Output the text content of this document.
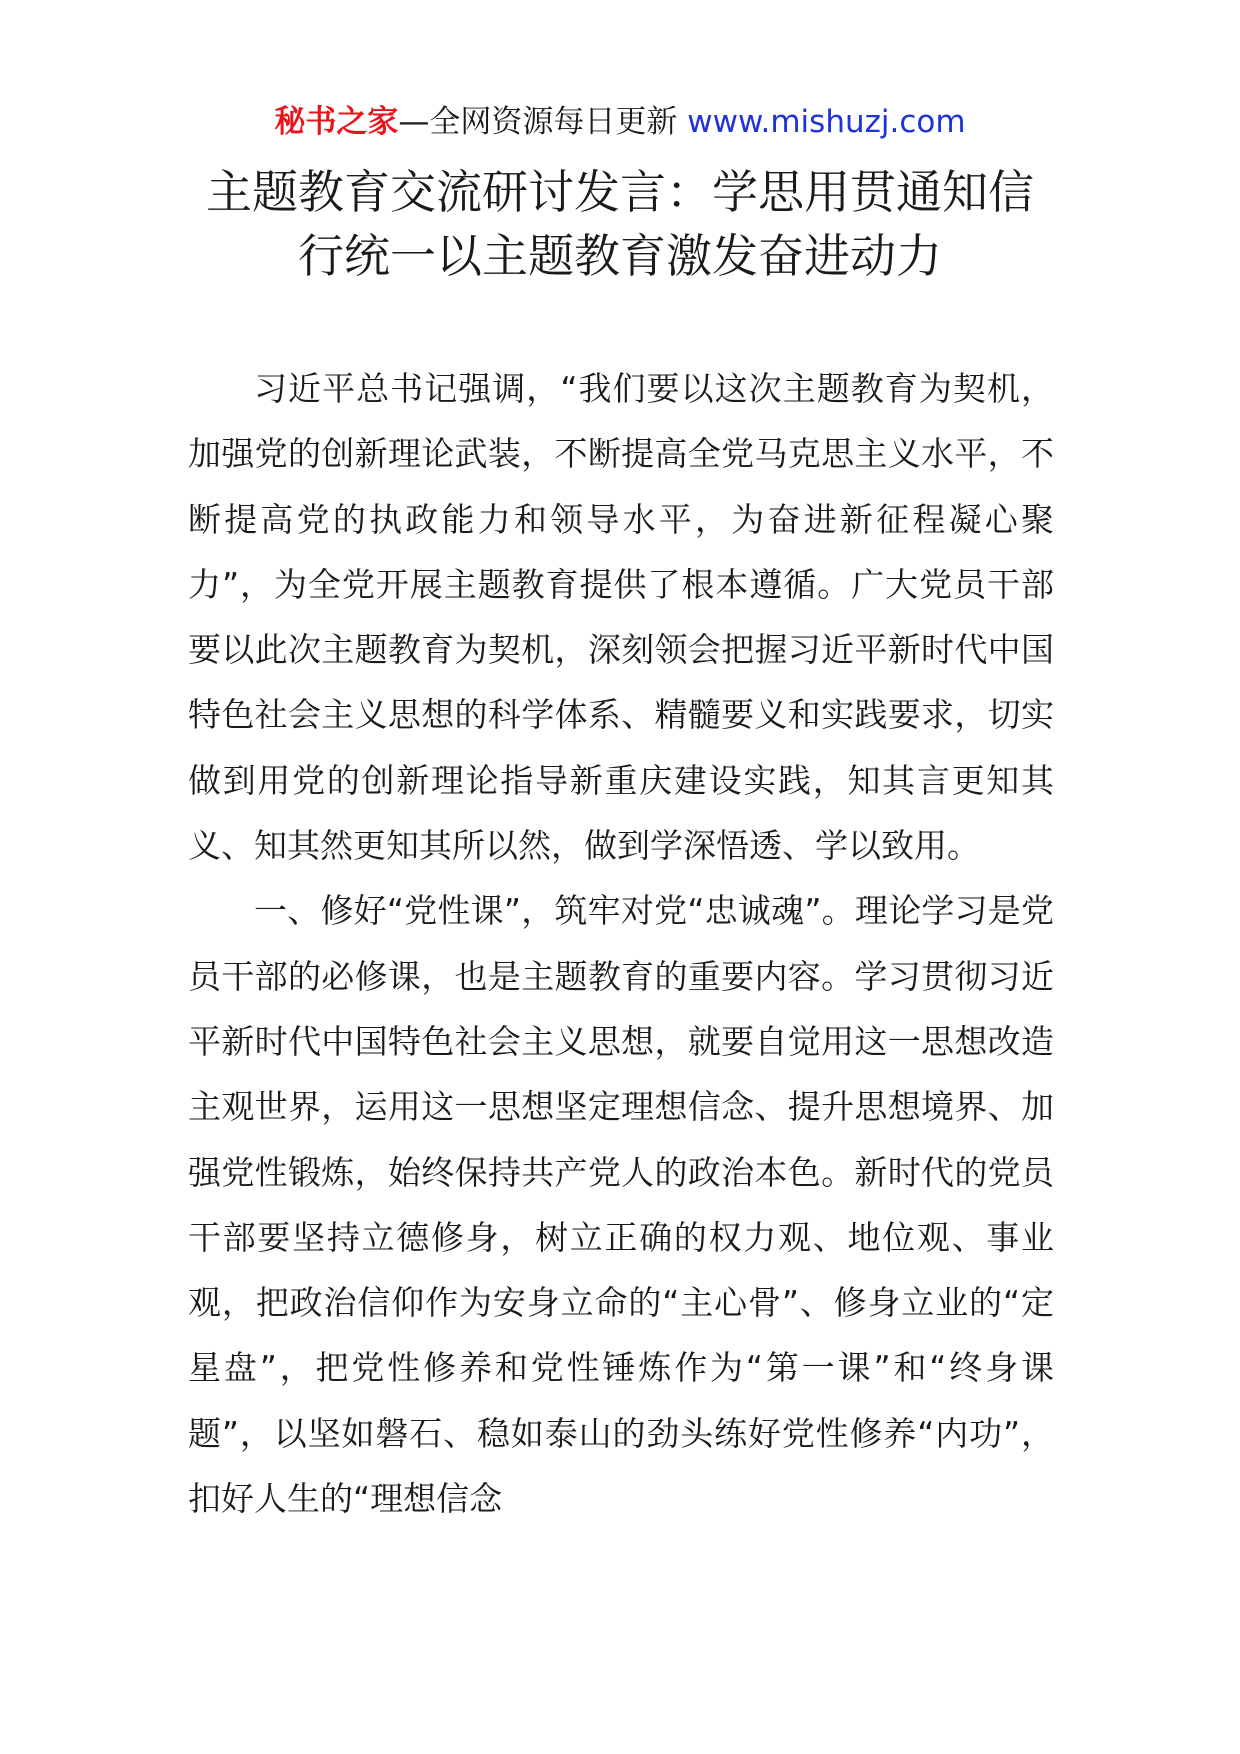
秘书之家—全网资源每日更新 www.mishuzj.com
主题教育交流研讨发言：学思用贯通知信
行统一以主题教育激发奋进动力

习近平总书记强调，“我们要以这次主题教育为契机，加强党的创新理论武装，不断提高全党马克思主义水平，不断提高党的执政能力和领导水平，为奋进新征程凝心聚力”，为全党开展主题教育提供了根本遵循。广大党员干部要以此次主题教育为契机，深刻领会把握习近平新时代中国特色社会主义思想的科学体系、精髓要义和实践要求，切实做到用党的创新理论指导新重庆建设实践，知其言更知其义、知其然更知其所以然，做到学深悟透、学以致用。

一、修好“党性课”，筑牢对党“忠诚魂”。理论学习是党员干部的必修课，也是主题教育的重要内容。学习贯彻习近平新时代中国特色社会主义思想，就要自觉用这一思想改造主观世界，运用这一思想坚定理想信念、提升思想境界、加强党性锻炼，始终保持共产党人的政治本色。新时代的党员干部要坚持立德修身，树立正确的权力观、地位观、事业观，把政治信仰作为安身立命的“主心骨”、修身立业的“定星盘”，把党性修养和党性锤炼作为“第一课”和“终身课题”，以坚如磐石、稳如泰山的劲头练好党性修养“内功”，扣好人生的“理想信念
